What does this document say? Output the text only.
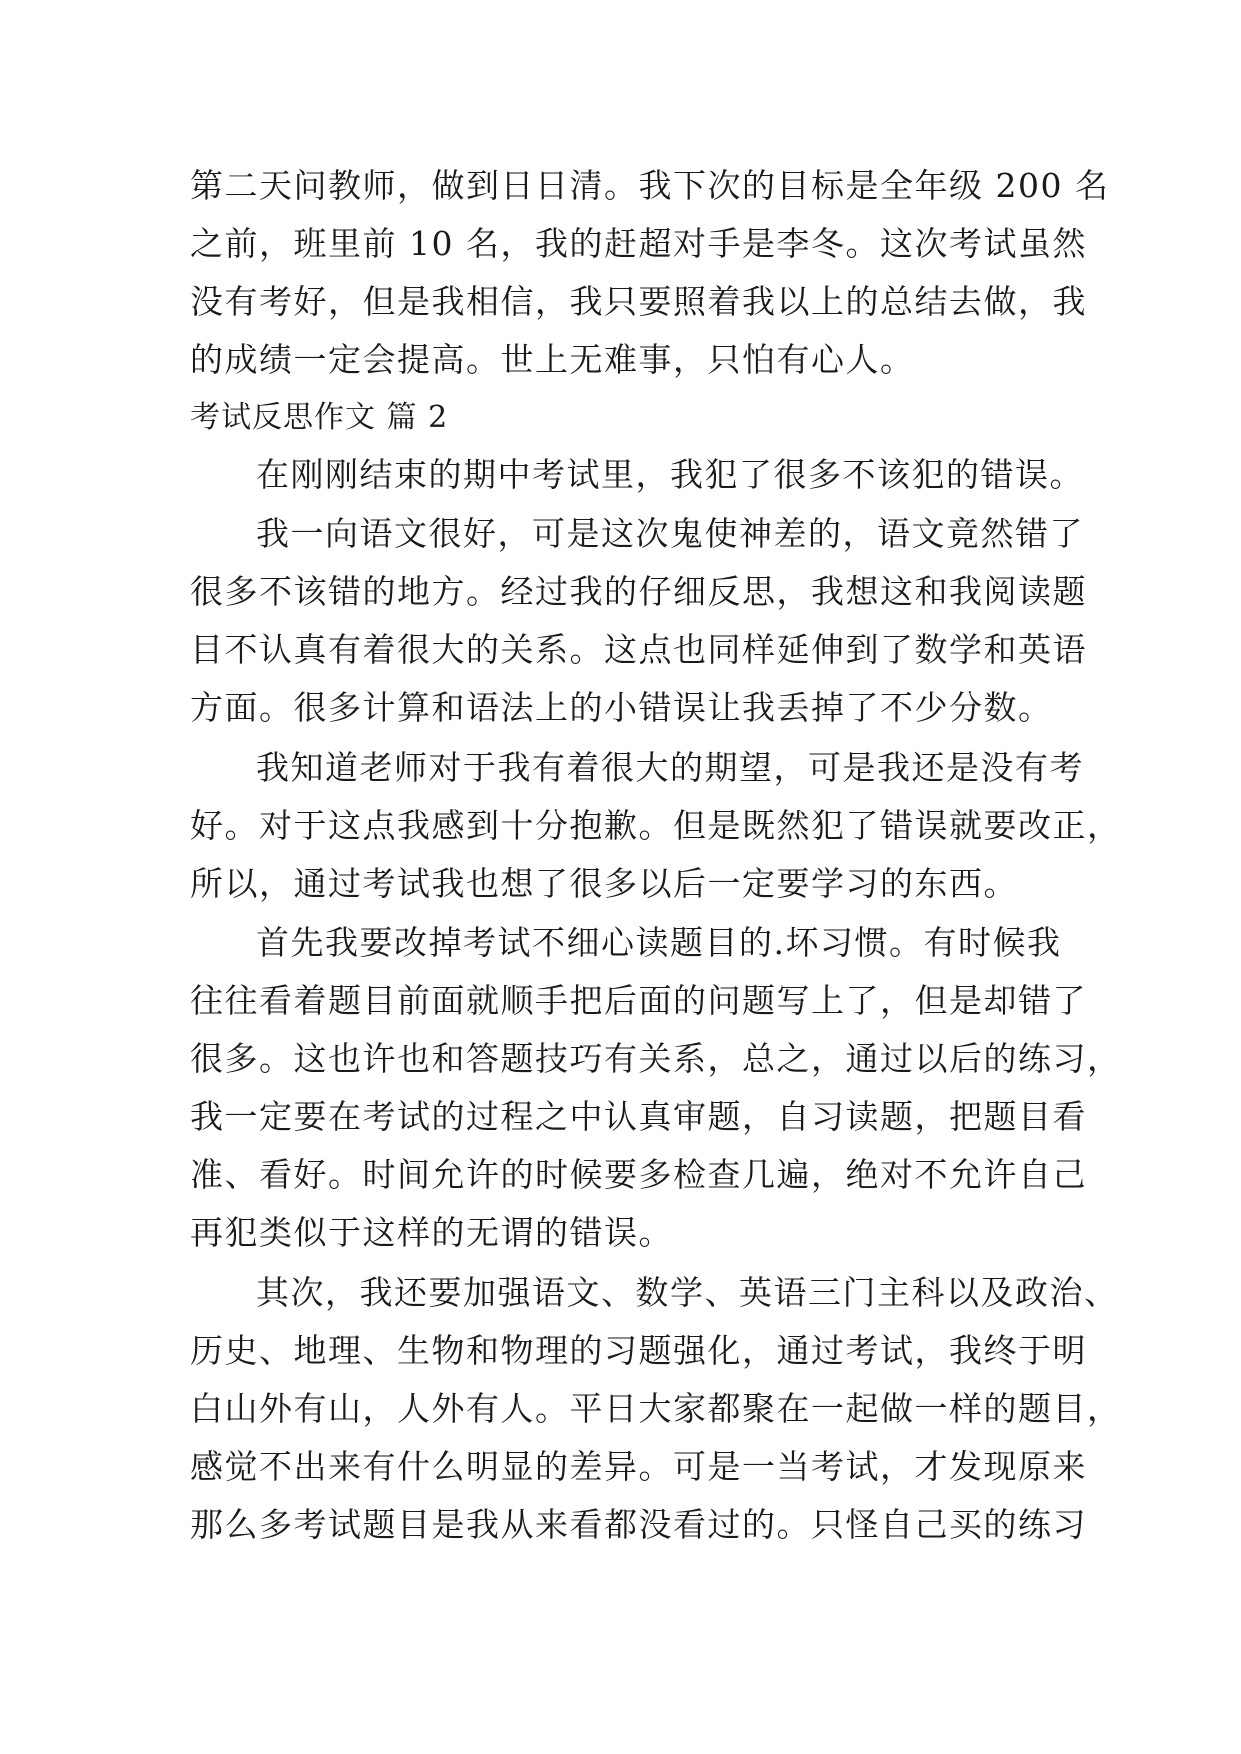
第二天问教师，做到日日清。我下次的目标是全年级 200 名
之前，班里前 10 名，我的赶超对手是李冬。这次考试虽然
没有考好，但是我相信，我只要照着我以上的总结去做，我
的成绩一定会提高。世上无难事，只怕有心人。
考试反思作文 篇 2
在刚刚结束的期中考试里，我犯了很多不该犯的错误。
我一向语文很好，可是这次鬼使神差的，语文竟然错了
很多不该错的地方。经过我的仔细反思，我想这和我阅读题
目不认真有着很大的关系。这点也同样延伸到了数学和英语
方面。很多计算和语法上的小错误让我丢掉了不少分数。
我知道老师对于我有着很大的期望，可是我还是没有考
好。对于这点我感到十分抱歉。但是既然犯了错误就要改正，
所以，通过考试我也想了很多以后一定要学习的东西。
首先我要改掉考试不细心读题目的.坏习惯。有时候我
往往看着题目前面就顺手把后面的问题写上了，但是却错了
很多。这也许也和答题技巧有关系，总之，通过以后的练习，
我一定要在考试的过程之中认真审题，自习读题，把题目看
准、看好。时间允许的时候要多检查几遍，绝对不允许自己
再犯类似于这样的无谓的错误。
其次，我还要加强语文、数学、英语三门主科以及政治、
历史、地理、生物和物理的习题强化，通过考试，我终于明
白山外有山，人外有人。平日大家都聚在一起做一样的题目，
感觉不出来有什么明显的差异。可是一当考试，才发现原来
那么多考试题目是我从来看都没看过的。只怪自己买的练习
